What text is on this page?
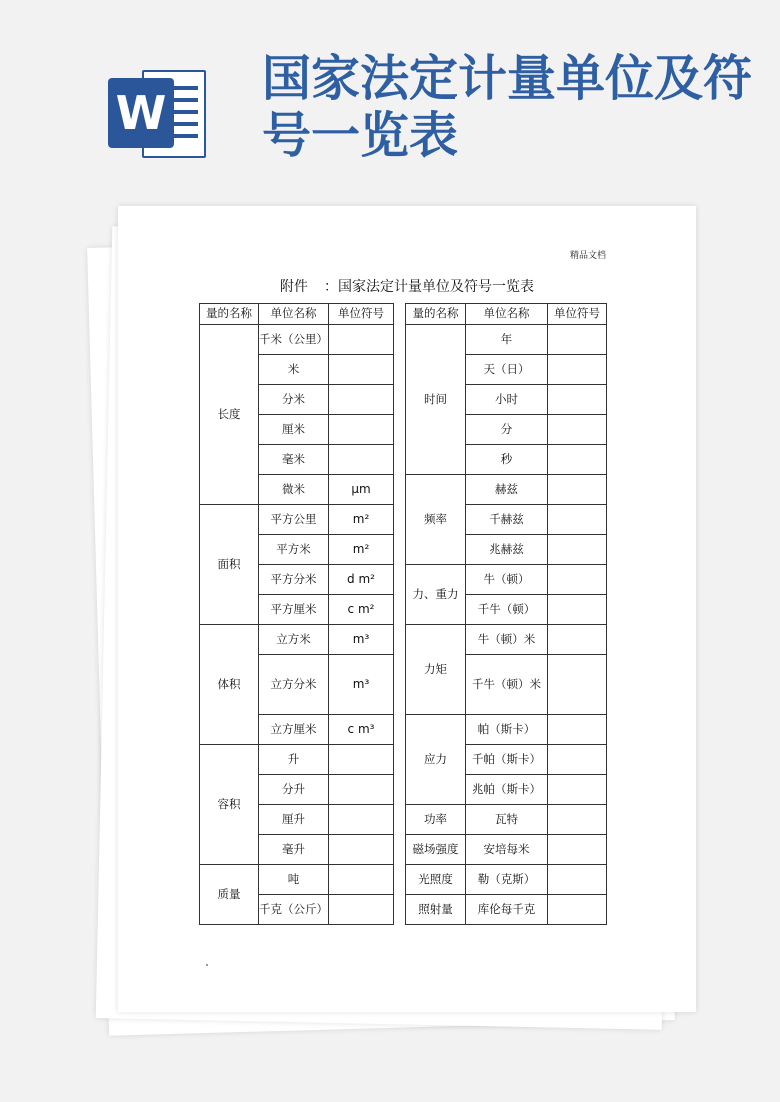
W
国家法定计量单位及符号一览表
精品文档
附件 ：国家法定计量单位及符号一览表
量的名称	单位名称	单位符号		量的名称	单位名称	单位符号
长度	千米（公里）			时间	年	
	米				天（日）	
	分米				小时	
	厘米				分	
	毫米				秒	
	微米	μm		频率	赫兹	
面积	平方公里	m²			千赫兹	
	平方米	m²			兆赫兹	
	平方分米	d m²		力、重力	牛（顿）	
	平方厘米	c m²			千牛（顿）	
体积	立方米	m³		力矩	牛（顿）米	
	立方分米	m³			千牛（顿）米	
	立方厘米	c m³		应力	帕（斯卡）	
容积	升				千帕（斯卡）	
	分升				兆帕（斯卡）	
	厘升			功率	瓦特	
	毫升			磁场强度	安培每米	
质量	吨			光照度	勒（克斯）	
	千克（公斤）			照射量	库伦每千克	
